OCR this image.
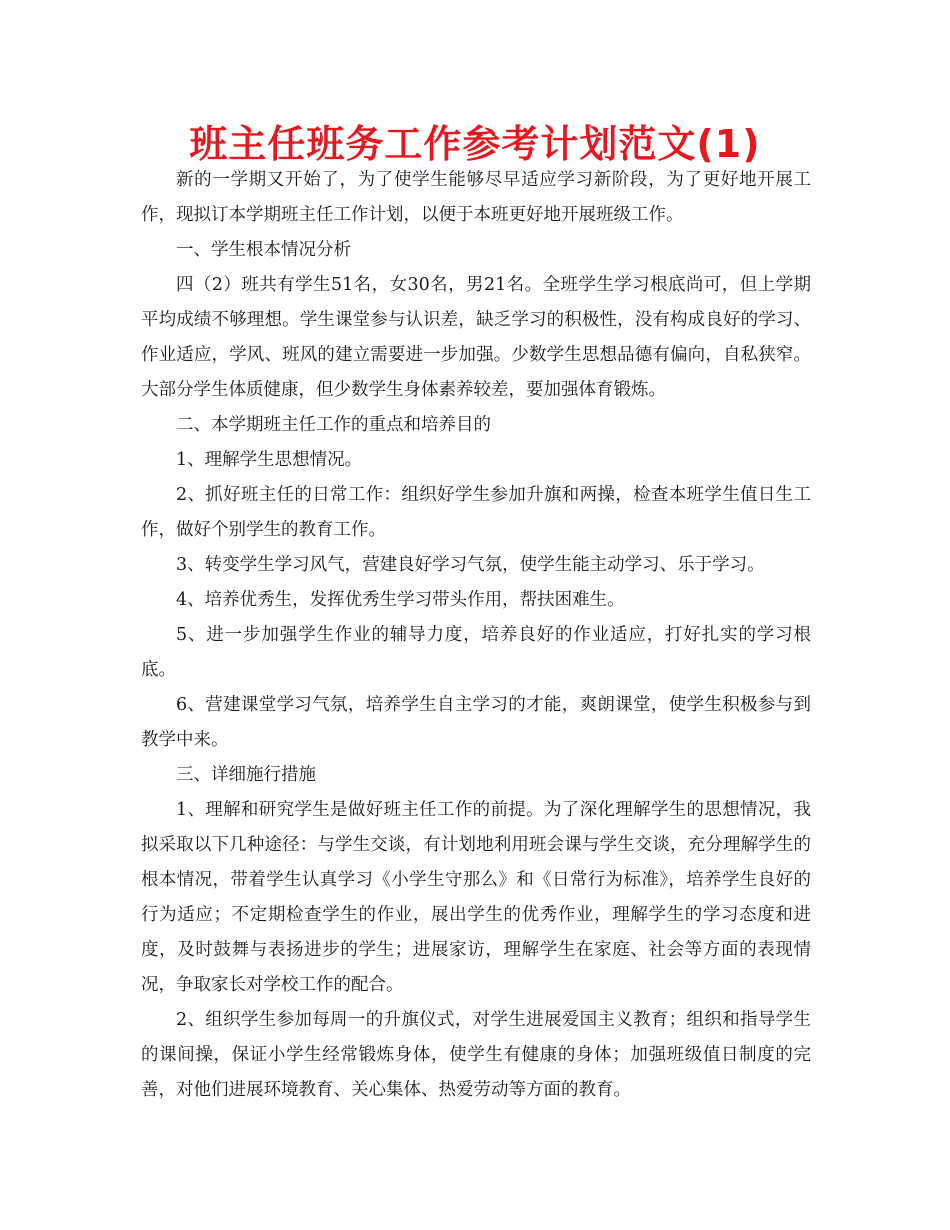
班主任班务工作参考计划范文(1)

新的一学期又开始了，为了使学生能够尽早适应学习新阶段，为了更好地开展工作，现拟订本学期班主任工作计划，以便于本班更好地开展班级工作。

一、学生根本情况分析

四（2）班共有学生51名，女30名，男21名。全班学生学习根底尚可，但上学期平均成绩不够理想。学生课堂参与认识差，缺乏学习的积极性，没有构成良好的学习、作业适应，学风、班风的建立需要进一步加强。少数学生思想品德有偏向，自私狭窄。大部分学生体质健康，但少数学生身体素养较差，要加强体育锻炼。

二、本学期班主任工作的重点和培养目的

1、理解学生思想情况。

2、抓好班主任的日常工作：组织好学生参加升旗和两操，检查本班学生值日生工作，做好个别学生的教育工作。

3、转变学生学习风气，营建良好学习气氛，使学生能主动学习、乐于学习。

4、培养优秀生，发挥优秀生学习带头作用，帮扶困难生。

5、进一步加强学生作业的辅导力度，培养良好的作业适应，打好扎实的学习根底。

6、营建课堂学习气氛，培养学生自主学习的才能，爽朗课堂，使学生积极参与到教学中来。

三、详细施行措施

1、理解和研究学生是做好班主任工作的前提。为了深化理解学生的思想情况，我拟采取以下几种途径：与学生交谈，有计划地利用班会课与学生交谈，充分理解学生的根本情况，带着学生认真学习《小学生守那么》和《日常行为标准》，培养学生良好的行为适应；不定期检查学生的作业，展出学生的优秀作业，理解学生的学习态度和进度，及时鼓舞与表扬进步的学生；进展家访，理解学生在家庭、社会等方面的表现情况，争取家长对学校工作的配合。

2、组织学生参加每周一的升旗仪式，对学生进展爱国主义教育；组织和指导学生的课间操，保证小学生经常锻炼身体，使学生有健康的身体；加强班级值日制度的完善，对他们进展环境教育、关心集体、热爱劳动等方面的教育。
